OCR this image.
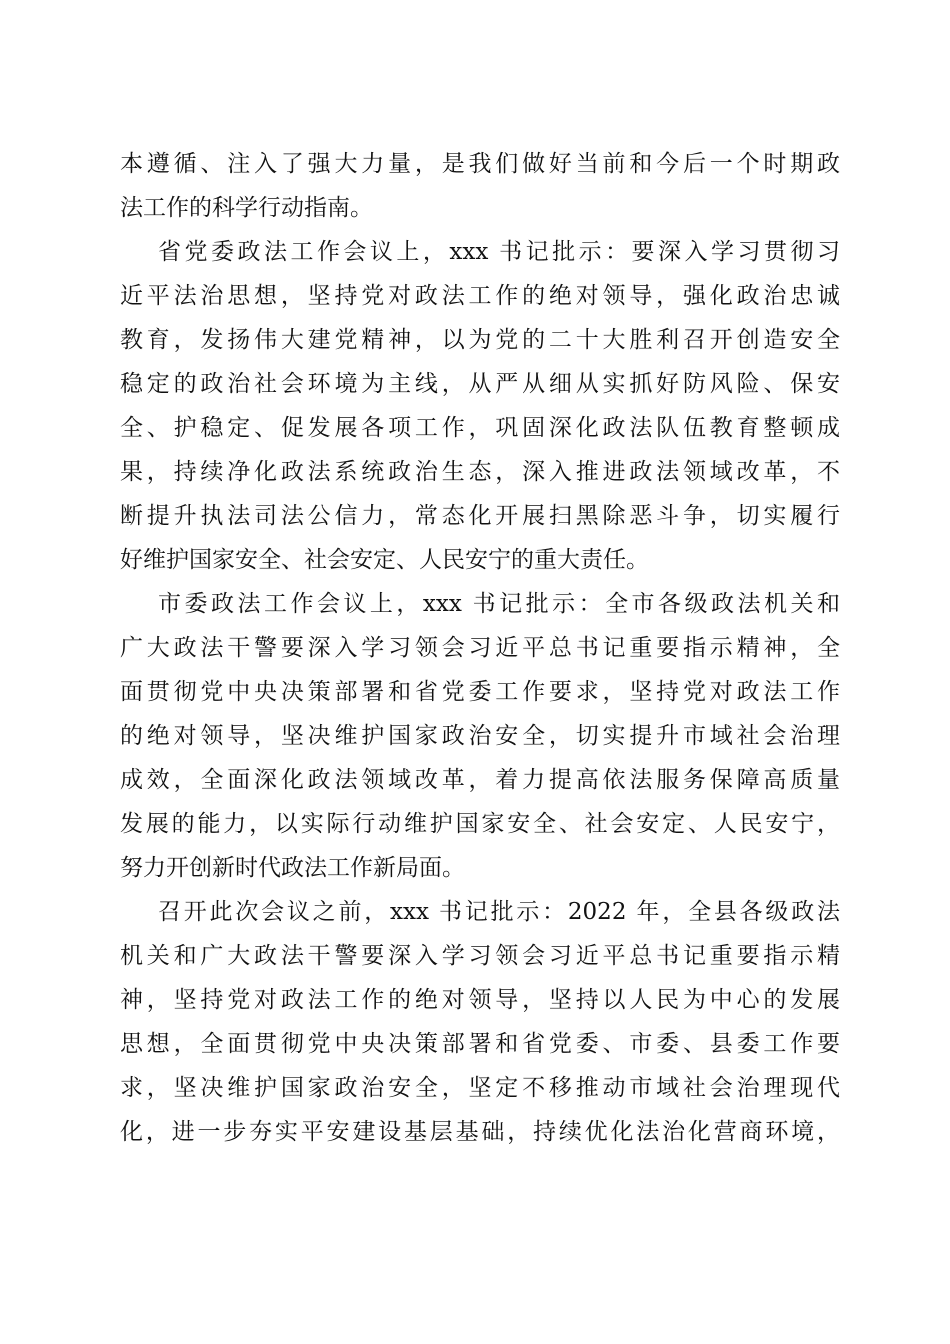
本遵循、注入了强大力量，是我们做好当前和今后一个时期政
法工作的科学行动指南。
省党委政法工作会议上，xxx 书记批示：要深入学习贯彻习
近平法治思想，坚持党对政法工作的绝对领导，强化政治忠诚
教育，发扬伟大建党精神，以为党的二十大胜利召开创造安全
稳定的政治社会环境为主线，从严从细从实抓好防风险、保安
全、护稳定、促发展各项工作，巩固深化政法队伍教育整顿成
果，持续净化政法系统政治生态，深入推进政法领域改革，不
断提升执法司法公信力，常态化开展扫黑除恶斗争，切实履行
好维护国家安全、社会安定、人民安宁的重大责任。
市委政法工作会议上，xxx 书记批示：全市各级政法机关和
广大政法干警要深入学习领会习近平总书记重要指示精神，全
面贯彻党中央决策部署和省党委工作要求，坚持党对政法工作
的绝对领导，坚决维护国家政治安全，切实提升市域社会治理
成效，全面深化政法领域改革，着力提高依法服务保障高质量
发展的能力，以实际行动维护国家安全、社会安定、人民安宁，
努力开创新时代政法工作新局面。
召开此次会议之前，xxx 书记批示：2022 年，全县各级政法
机关和广大政法干警要深入学习领会习近平总书记重要指示精
神，坚持党对政法工作的绝对领导，坚持以人民为中心的发展
思想，全面贯彻党中央决策部署和省党委、市委、县委工作要
求，坚决维护国家政治安全，坚定不移推动市域社会治理现代
化，进一步夯实平安建设基层基础，持续优化法治化营商环境，
